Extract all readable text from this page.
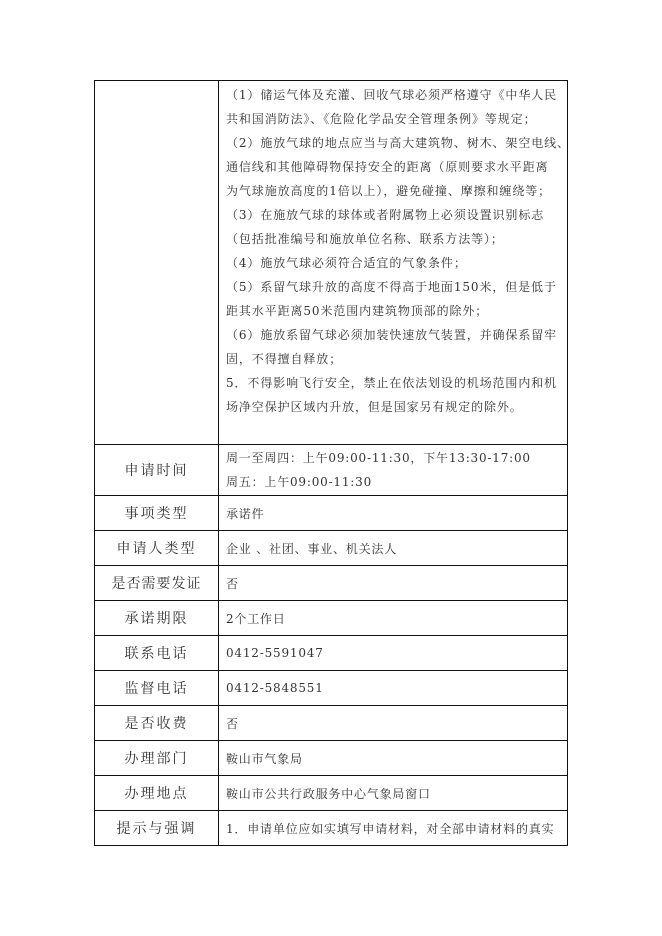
（1）储运气体及充灌、回收气球必须严格遵守《中华人民
共和国消防法》、《危险化学品安全管理条例》等规定；
（2）施放气球的地点应当与高大建筑物、树木、架空电线、
通信线和其他障碍物保持安全的距离（原则要求水平距离
为气球施放高度的1倍以上），避免碰撞、摩擦和缠绕等；
（3）在施放气球的球体或者附属物上必须设置识别标志
（包括批准编号和施放单位名称、联系方法等）；
（4）施放气球必须符合适宜的气象条件；
（5）系留气球升放的高度不得高于地面150米，但是低于
距其水平距离50米范围内建筑物顶部的除外；
（6）施放系留气球必须加装快速放气装置，并确保系留牢
固，不得擅自释放；
5．不得影响飞行安全，禁止在依法划设的机场范围内和机
场净空保护区域内升放，但是国家另有规定的除外。

申请时间	周一至周四：上午09:00-11:30，下午13:30-17:00
周五：上午09:00-11:30

事项类型	承诺件
申请人类型	企业 、社团、事业、机关法人
是否需要发证	否
承诺期限	2个工作日
联系电话	0412-5591047
监督电话	0412-5848551
是否收费	否
办理部门	鞍山市气象局
办理地点	鞍山市公共行政服务中心气象局窗口
提示与强调	1．申请单位应如实填写申请材料，对全部申请材料的真实
